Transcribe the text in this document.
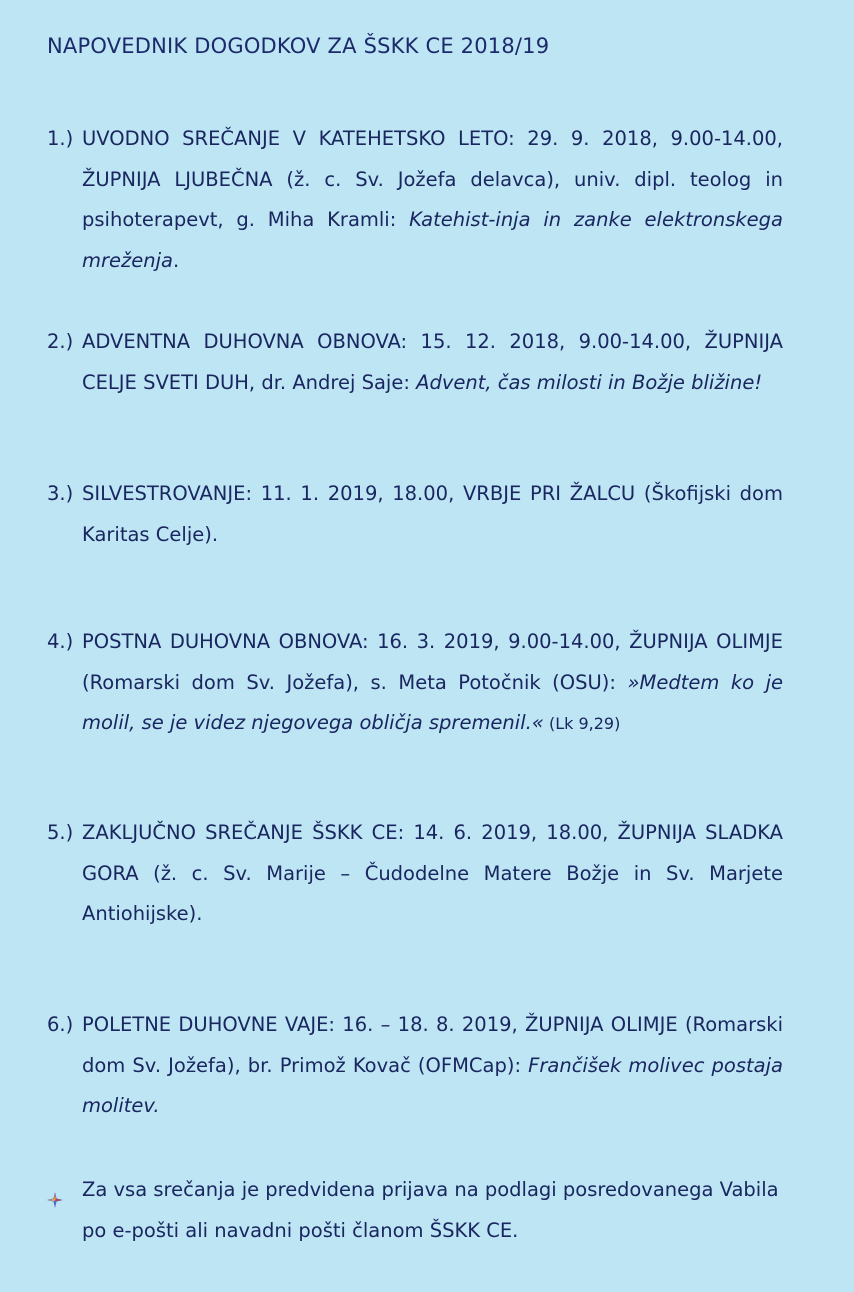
NAPOVEDNIK DOGODKOV ZA ŠSKK CE 2018/19
1.) UVODNO SREČANJE V KATEHETSKO LETO: 29. 9. 2018, 9.00-14.00, ŽUPNIJA LJUBEČNA (ž. c. Sv. Jožefa delavca), univ. dipl. teolog in psihoterapevt, g. Miha Kramli: Katehist-inja in zanke elektronskega mreženja.
2.) ADVENTNA DUHOVNA OBNOVA: 15. 12. 2018, 9.00-14.00, ŽUPNIJA CELJE SVETI DUH, dr. Andrej Saje: Advent, čas milosti in Božje bližine!
3.) SILVESTROVANJE: 11. 1. 2019, 18.00, VRBJE PRI ŽALCU (Škofijski dom Karitas Celje).
4.) POSTNA DUHOVNA OBNOVA: 16. 3. 2019, 9.00-14.00, ŽUPNIJA OLIMJE (Romarski dom Sv. Jožefa), s. Meta Potočnik (OSU): »Medtem ko je molil, se je videz njegovega obličja spremenil.« (Lk 9,29)
5.) ZAKLJUČNO SREČANJE ŠSKK CE: 14. 6. 2019, 18.00, ŽUPNIJA SLADKA GORA (ž. c. Sv. Marije – Čudodelne Matere Božje in Sv. Marjete Antiohijske).
6.) POLETNE DUHOVNE VAJE: 16. – 18. 8. 2019, ŽUPNIJA OLIMJE (Romarski dom Sv. Jožefa), br. Primož Kovač (OFMCap): Frančišek molivec postaja molitev.
Za vsa srečanja je predvidena prijava na podlagi posredovanega Vabila po e-pošti ali navadni pošti članom ŠSKK CE.
